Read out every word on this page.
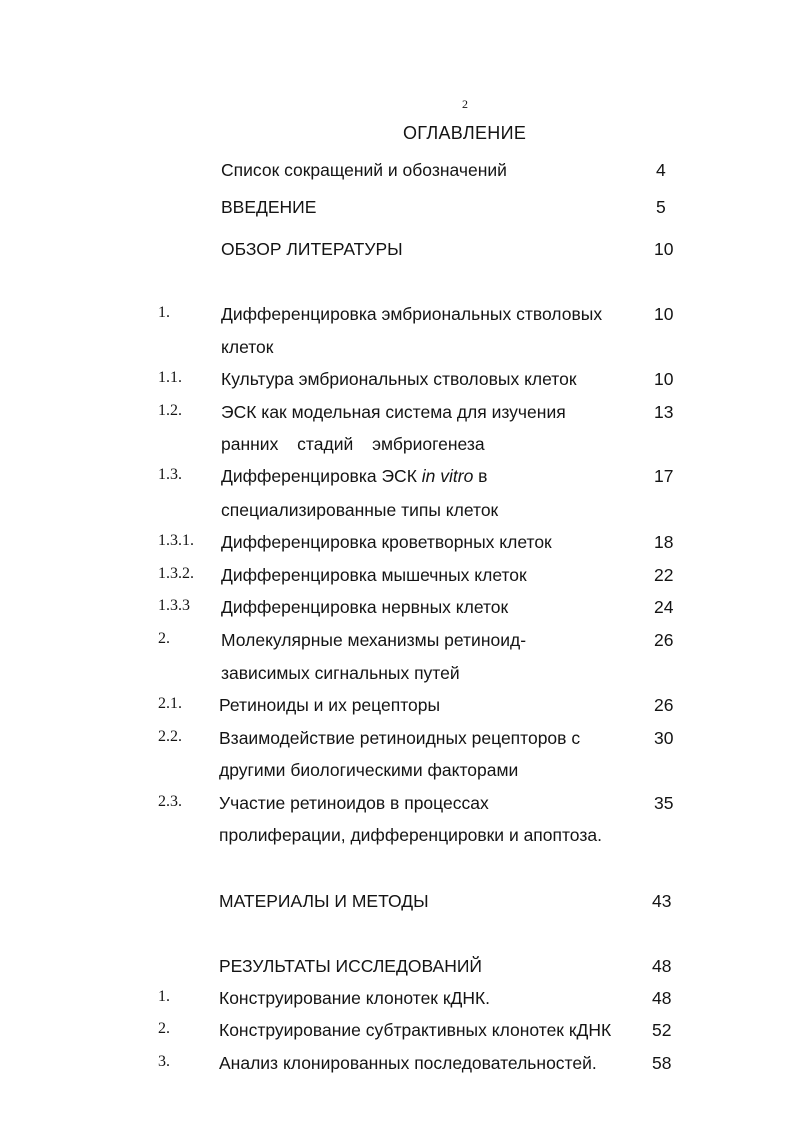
2
ОГЛАВЛЕНИЕ
Список сокращений и обозначений	4
ВВЕДЕНИЕ	5
ОБЗОР ЛИТЕРАТУРЫ	10
1.	Дифференцировка эмбриональных стволовых	10
клеток
1.1. Культура эмбриональных стволовых клеток	10
1.2. ЭСК как модельная система для изучения	13
ранних стадий эмбриогенеза
1.3. Дифференцировка ЭСК in vitro в	17
специализированные типы клеток
1.3.1. Дифференцировка кроветворных клеток	18
1.3.2. Дифференцировка мышечных клеток	22
1.3.3 Дифференцировка нервных клеток	24
2.	Молекулярные механизмы ретиноид-	26
зависимых сигнальных путей
2.1. Ретиноиды и их рецепторы	26
2.2. Взаимодействие ретиноидных рецепторов с	30
другими биологическими факторами
2.3. Участие ретиноидов в процессах	35
пролиферации, дифференцировки и апоптоза.
МАТЕРИАЛЫ И МЕТОДЫ	43
РЕЗУЛЬТАТЫ ИССЛЕДОВАНИЙ	48
1.	Конструирование клонотек кДНК.	48
2.	Конструирование субтрактивных клонотек кДНК 52
3.	Анализ клонированных последовательностей.	58
